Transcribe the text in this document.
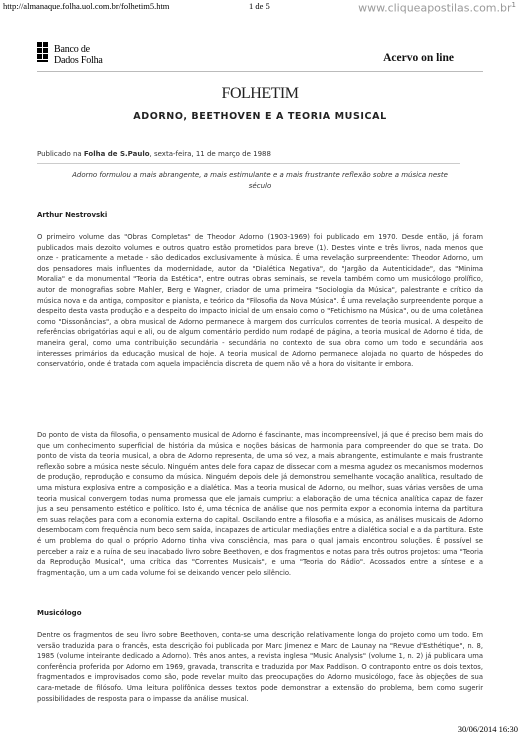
http://almanaque.folha.uol.com.br/folhetim5.htm	1 de 5	$www.cliqueapostilas.com.br^1$
Banco de
Dados Folha	Acervo on line
FOLHETIM
ADORNO, BEETHOVEN E A TEORIA MUSICAL
Publicado na Folha de S.Paulo, sexta-feira, 11 de março de 1988
Adorno formulou a mais abrangente, a mais estimulante e a mais frustrante reflexão sobre a música neste século
Arthur Nestrovski
O primeiro volume das "Obras Completas" de Theodor Adorno (1903-1969) foi publicado em 1970. Desde então, já foram publicados mais dezoito volumes e outros quatro estão prometidos para breve (1). Destes vinte e três livros, nada menos que onze - praticamente a metade - são dedicados exclusivamente à música. É uma revelação surpreendente: Theodor Adorno, um dos pensadores mais influentes da modernidade, autor da "Dialética Negativa", do "Jargão da Autenticidade", das "Minima Moralia" e da monumental "Teoria da Estética", entre outras obras seminais, se revela também como um musicólogo prolífico, autor de monografias sobre Mahler, Berg e Wagner, criador de uma primeira "Sociologia da Música", palestrante e crítico da música nova e da antiga, compositor e pianista, e teórico da "Filosofia da Nova Música". É uma revelação surpreendente porque a despeito desta vasta produção e a despeito do impacto inicial de um ensaio como o "Fetichismo na Música", ou de uma coletânea como "Dissonâncias", a obra musical de Adorno permanece à margem dos currículos correntes de teoria musical. A despeito de referências obrigatórias aqui e ali, ou de algum comentário perdido num rodapé de página, a teoria musical de Adorno é tida, de maneira geral, como uma contribuição secundária - secundária no contexto de sua obra como um todo e secundária aos interesses primários da educação musical de hoje. A teoria musical de Adorno permanece alojada no quarto de hóspedes do conservatório, onde é tratada com aquela impaciência discreta de quem não vê a hora do visitante ir embora.
Do ponto de vista da filosofia, o pensamento musical de Adorno é fascinante, mas incompreensível, já que é preciso bem mais do que um conhecimento superficial de história da música e noções básicas de harmonia para compreender do que se trata. Do ponto de vista da teoria musical, a obra de Adorno representa, de uma só vez, a mais abrangente, estimulante e mais frustrante reflexão sobre a música neste século. Ninguém antes dele fora capaz de dissecar com a mesma agudez os mecanismos modernos de produção, reprodução e consumo da música. Ninguém depois dele já demonstrou semelhante vocação analítica, resultado de uma mistura explosiva entre a composição e a dialética. Mas a teoria musical de Adorno, ou melhor, suas várias versões de uma teoria musical convergem todas numa promessa que ele jamais cumpriu: a elaboração de uma técnica analítica capaz de fazer jus a seu pensamento estético e político. Isto é, uma técnica de análise que nos permita expor a economia interna da partitura em suas relações para com a economia externa do capital. Oscilando entre a filosofia e a música, as análises musicais de Adorno desembocam com frequência num beco sem saída, incapazes de articular mediações entre a dialética social e a da partitura. Este é um problema do qual o próprio Adorno tinha viva consciência, mas para o qual jamais encontrou soluções. É possível se perceber a raiz e a ruína de seu inacabado livro sobre Beethoven, e dos fragmentos e notas para três outros projetos: uma "Teoria da Reprodução Musical", uma crítica das "Correntes Musicais", e uma "Teoria do Rádio". Acossados entre a síntese e a fragmentação, um a um cada volume foi se deixando vencer pelo silêncio.
Musicólogo
Dentre os fragmentos de seu livro sobre Beethoven, conta-se uma descrição relativamente longa do projeto como um todo. Em versão traduzida para o francês, esta descrição foi publicada por Marc Jimenez e Marc de Launay na "Revue d'Esthétique", n. 8, 1985 (volume inteirante dedicado a Adorno). Três anos antes, a revista inglesa "Music Analysis" (volume 1, n. 2) já publicara uma conferência proferida por Adorno em 1969, gravada, transcrita e traduzida por Max Paddison. O contraponto entre os dois textos, fragmentados e improvisados como são, pode revelar muito das preocupações do Adorno musicólogo, face às objeções de sua cara-metade de filósofo. Uma leitura polifônica desses textos pode demonstrar a extensão do problema, bem como sugerir possibilidades de resposta para o impasse da análise musical.
30/06/2014 16:30
